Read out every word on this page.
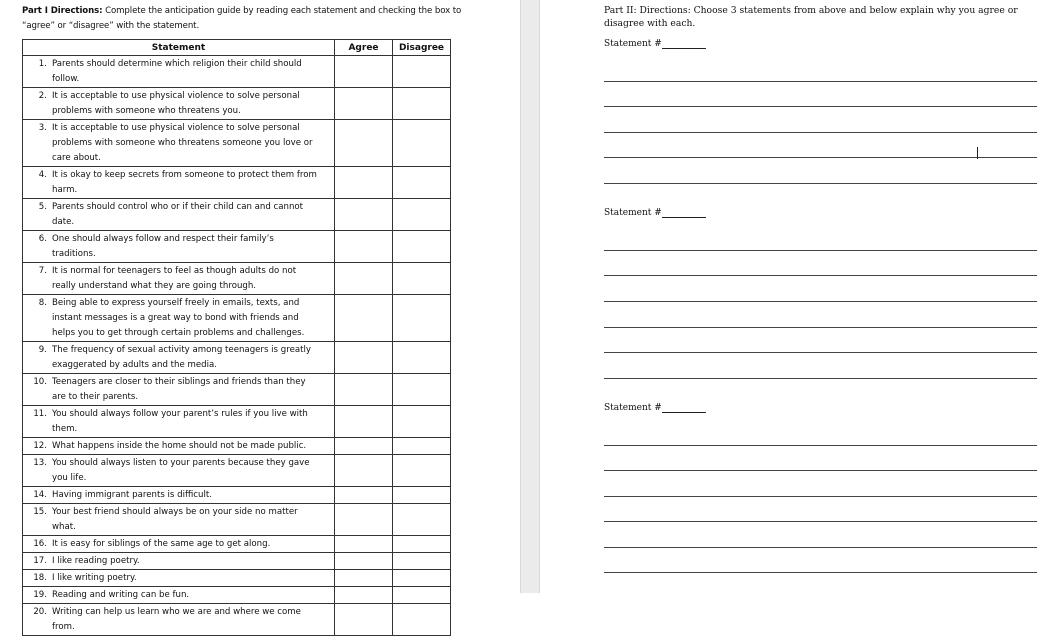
Part I Directions: Complete the anticipation guide by reading each statement and checking the box to “agree” or “disagree” with the statement.

Statement	Agree	Disagree
1. Parents should determine which religion their child should follow.		
2. It is acceptable to use physical violence to solve personal problems with someone who threatens you.		
3. It is acceptable to use physical violence to solve personal problems with someone who threatens someone you love or care about.		
4. It is okay to keep secrets from someone to protect them from harm.		
5. Parents should control who or if their child can and cannot date.		
6. One should always follow and respect their family’s traditions.		
7. It is normal for teenagers to feel as though adults do not really understand what they are going through.		
8. Being able to express yourself freely in emails, texts, and instant messages is a great way to bond with friends and helps you to get through certain problems and challenges.		
9. The frequency of sexual activity among teenagers is greatly exaggerated by adults and the media.		
10. Teenagers are closer to their siblings and friends than they are to their parents.		
11. You should always follow your parent’s rules if you live with them.		
12. What happens inside the home should not be made public.		
13. You should always listen to your parents because they gave you life.		
14. Having immigrant parents is difficult.		
15. Your best friend should always be on your side no matter what.		
16. It is easy for siblings of the same age to get along.		
17. I like reading poetry.		
18. I like writing poetry.		
19. Reading and writing can be fun.		
20. Writing can help us learn who we are and where we come from.		

Part II: Directions: Choose 3 statements from above and below explain why you agree or disagree with each.

Statement #
Statement #
Statement #
